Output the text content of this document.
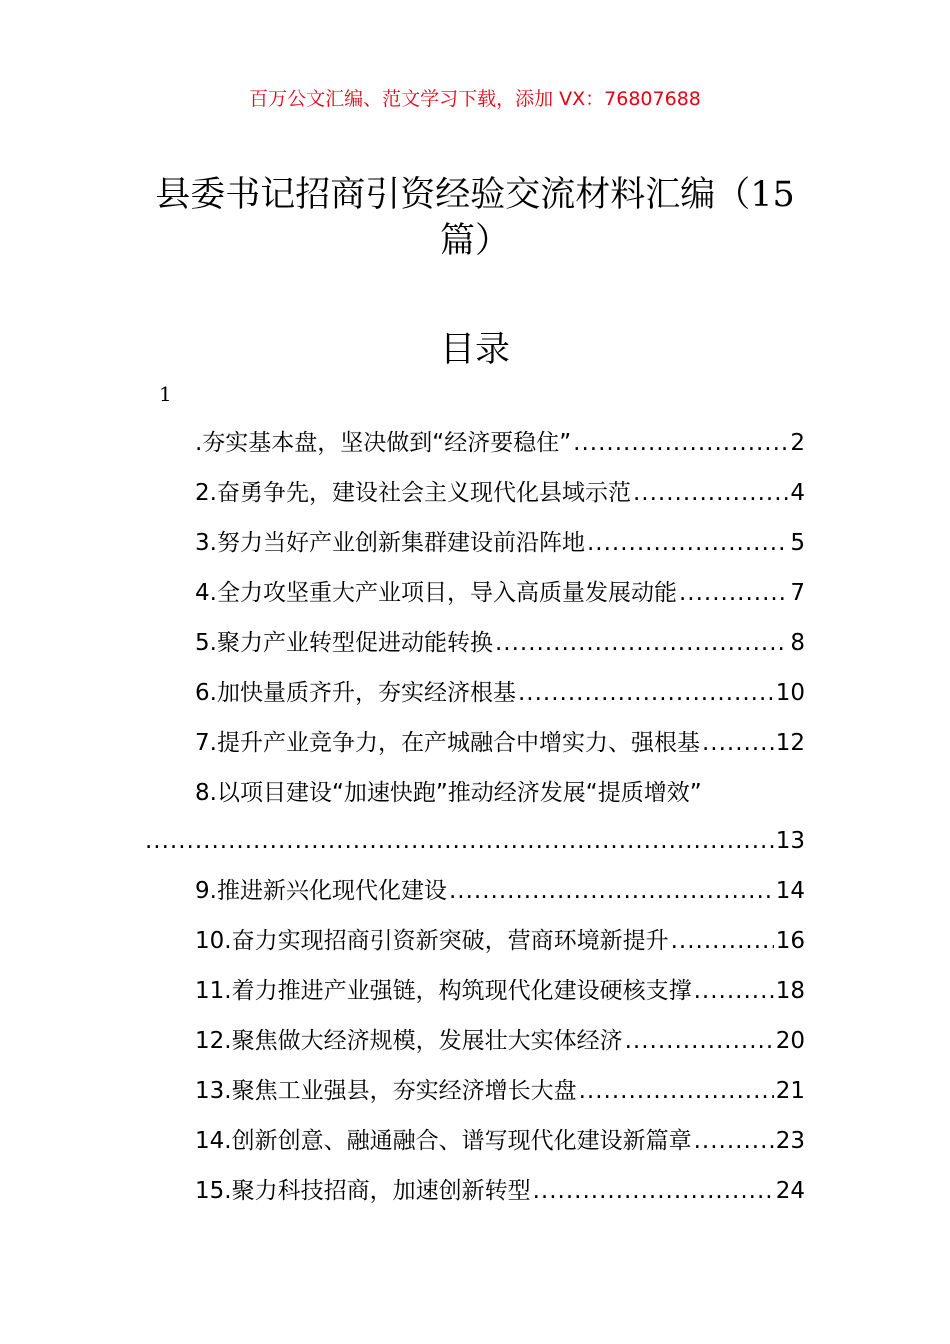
百万公文汇编、范文学习下载，添加 VX：76807688
县委书记招商引资经验交流材料汇编（15
篇）
目录
1
.夯实基本盘，坚决做到“经济要稳住” .....	2
2.奋勇争先，建设社会主义现代化县域示范 .....	4
3.努力当好产业创新集群建设前沿阵地 .....	5
4.全力攻坚重大产业项目，导入高质量发展动能 .....	7
5.聚力产业转型促进动能转换 .....	8
6.加快量质齐升，夯实经济根基 .....	10
7.提升产业竞争力，在产城融合中增实力、强根基 .....	12
8.以项目建设“加速快跑”推动经济发展“提质增效”
.....
13
9.推进新兴化现代化建设 .....	14
10.奋力实现招商引资新突破，营商环境新提升 .....	16
11.着力推进产业强链，构筑现代化建设硬核支撑 .....	18
12.聚焦做大经济规模，发展壮大实体经济 .....	20
13.聚焦工业强县，夯实经济增长大盘 .....	21
14.创新创意、融通融合、谱写现代化建设新篇章 .....	23
15.聚力科技招商，加速创新转型 .....	24
